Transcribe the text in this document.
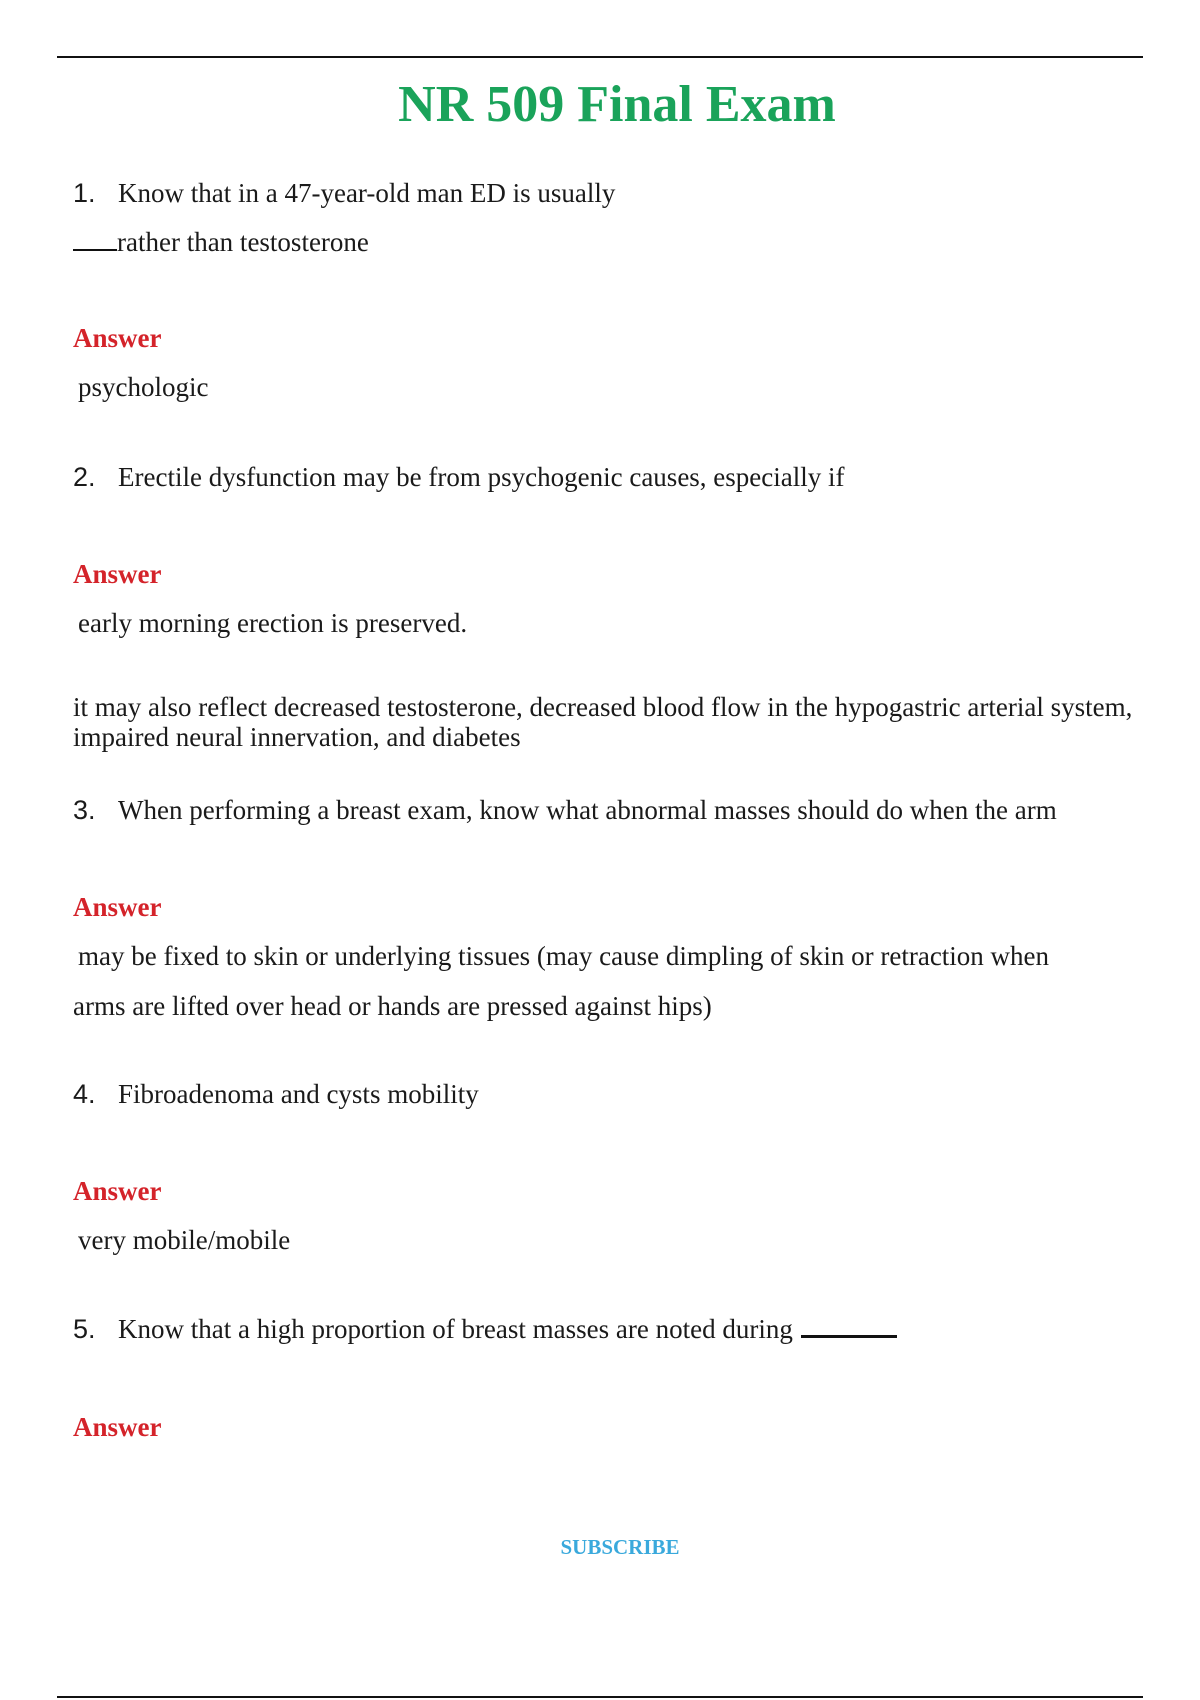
NR 509 Final Exam
1. Know that in a 47-year-old man ED is usually
rather than testosterone
Answer
psychologic
2. Erectile dysfunction may be from psychogenic causes, especially if
Answer
early morning erection is preserved.
it may also reflect decreased testosterone, decreased blood flow in the hypogastric arterial system, impaired neural innervation, and diabetes
3. When performing a breast exam, know what abnormal masses should do when the arm
Answer
may be fixed to skin or underlying tissues (may cause dimpling of skin or retraction when
arms are lifted over head or hands are pressed against hips)
4. Fibroadenoma and cysts mobility
Answer
very mobile/mobile
5. Know that a high proportion of breast masses are noted during
Answer
SUBSCRIBE
